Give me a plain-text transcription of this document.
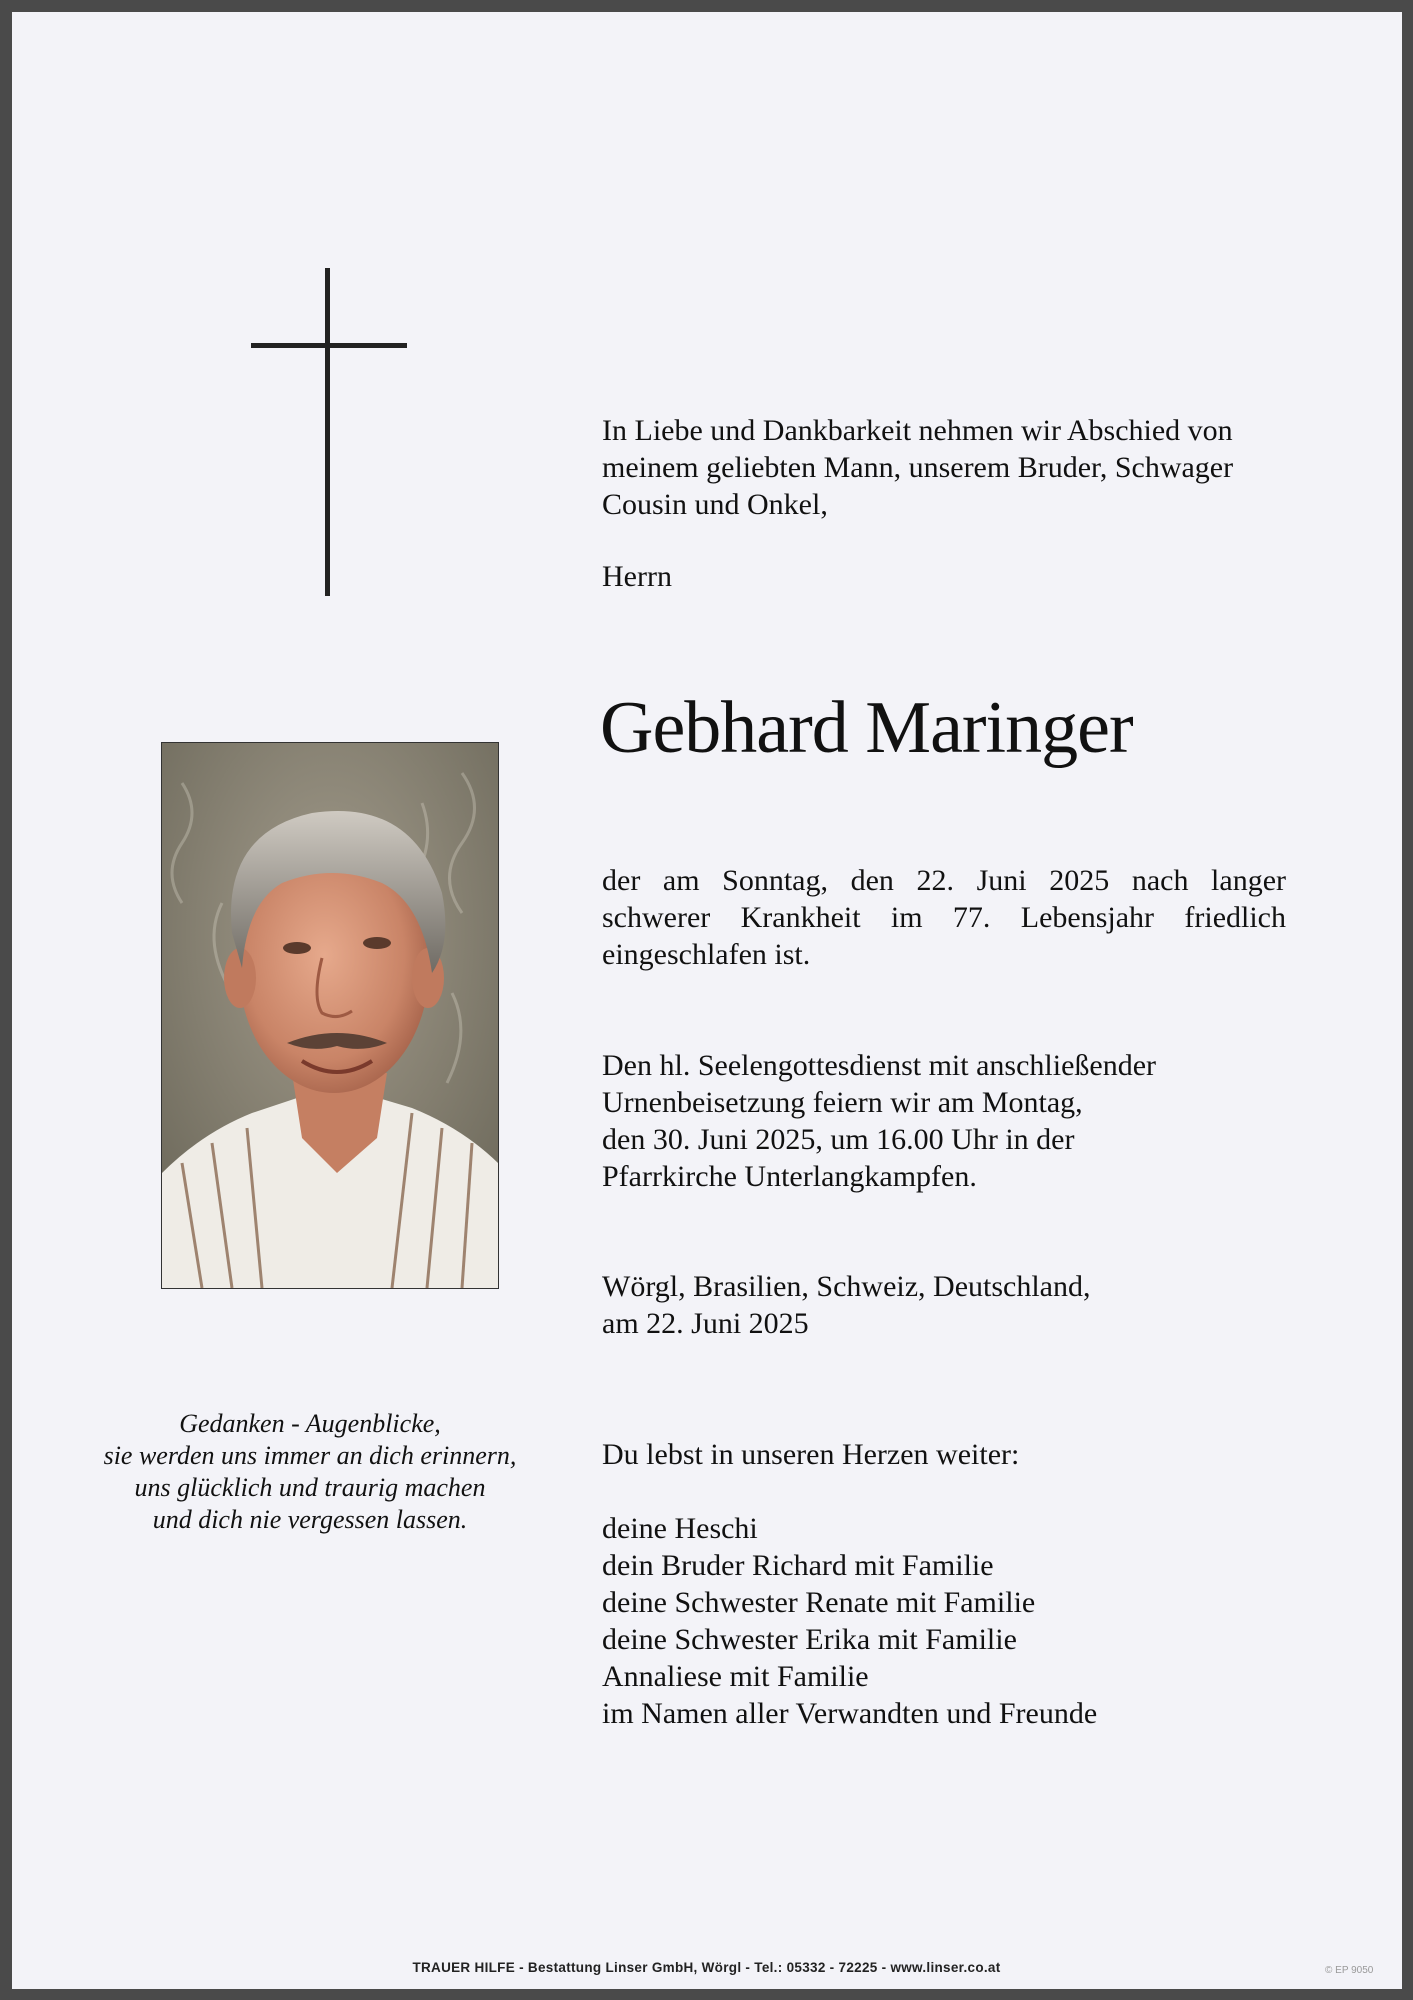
In Liebe und Dankbarkeit nehmen wir Abschied von
meinem geliebten Mann, unserem Bruder, Schwager
Cousin und Onkel,

Herrn

Gebhard Maringer

der am Sonntag, den 22. Juni 2025 nach langer
schwerer Krankheit im 77. Lebensjahr friedlich
eingeschlafen ist.

Den hl. Seelengottesdienst mit anschließender
Urnenbeisetzung feiern wir am Montag,
den 30. Juni 2025, um 16.00 Uhr in der
Pfarrkirche Unterlangkampfen.

Wörgl, Brasilien, Schweiz, Deutschland,
am 22. Juni 2025

Gedanken - Augenblicke,
sie werden uns immer an dich erinnern,
uns glücklich und traurig machen
und dich nie vergessen lassen.

Du lebst in unseren Herzen weiter:

deine Heschi
dein Bruder Richard mit Familie
deine Schwester Renate mit Familie
deine Schwester Erika mit Familie
Annaliese mit Familie
im Namen aller Verwandten und Freunde

TRAUER HILFE - Bestattung Linser GmbH, Wörgl - Tel.: 05332 - 72225 - www.linser.co.at	© EP 9050
